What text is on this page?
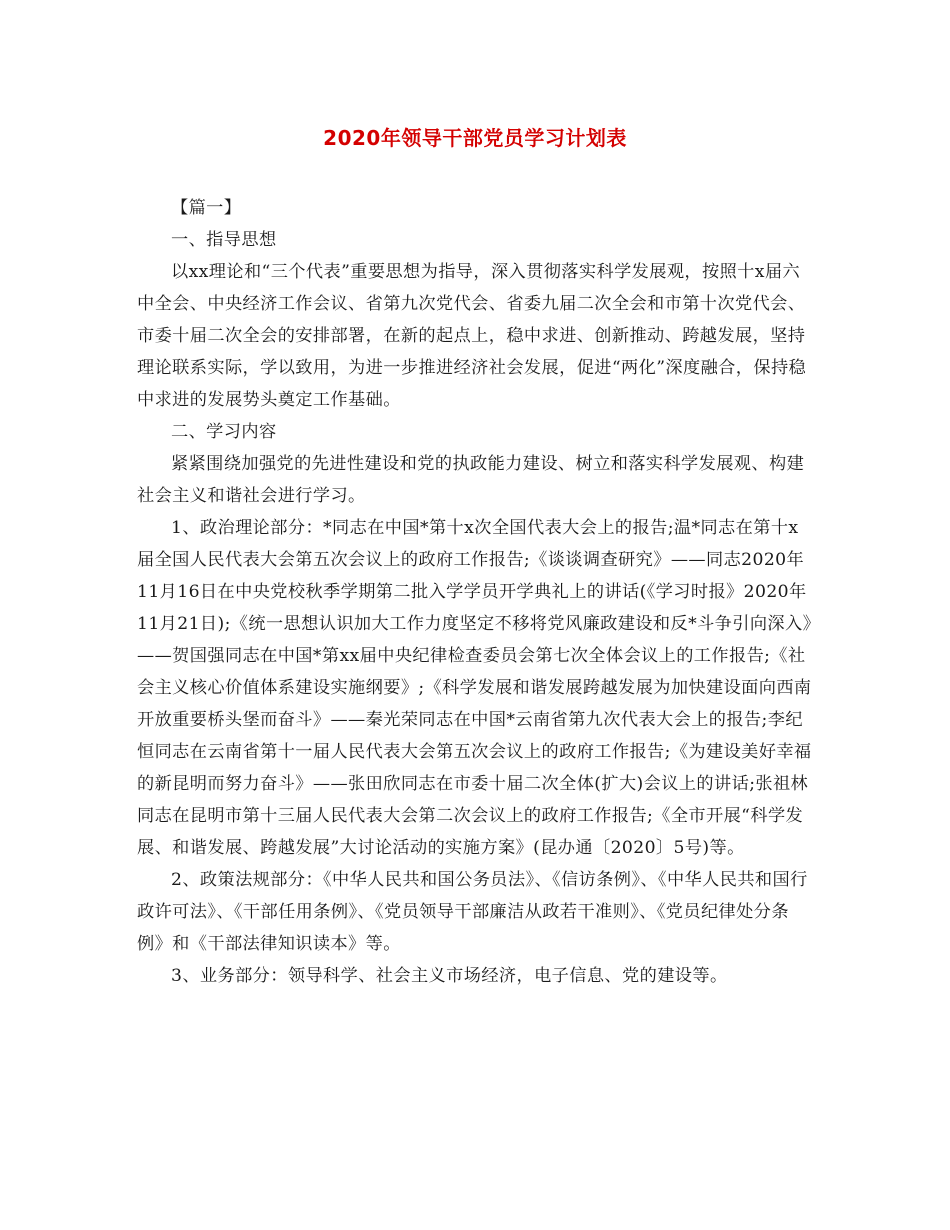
2020年领导干部党员学习计划表

【篇一】

一、指导思想

以xx理论和“三个代表”重要思想为指导，深入贯彻落实科学发展观，按照十x届六中全会、中央经济工作会议、省第九次党代会、省委九届二次全会和市第十次党代会、市委十届二次全会的安排部署，在新的起点上，稳中求进、创新推动、跨越发展，坚持理论联系实际，学以致用，为进一步推进经济社会发展，促进“两化”深度融合，保持稳中求进的发展势头奠定工作基础。

二、学习内容

紧紧围绕加强党的先进性建设和党的执政能力建设、树立和落实科学发展观、构建社会主义和谐社会进行学习。

1、政治理论部分：*同志在中国*第十x次全国代表大会上的报告;温*同志在第十x届全国人民代表大会第五次会议上的政府工作报告;《谈谈调查研究》——同志2020年11月16日在中央党校秋季学期第二批入学学员开学典礼上的讲话(《学习时报》2020年11月21日);《统一思想认识加大工作力度坚定不移将党风廉政建设和反*斗争引向深入》——贺国强同志在中国*第xx届中央纪律检查委员会第七次全体会议上的工作报告;《社会主义核心价值体系建设实施纲要》;《科学发展和谐发展跨越发展为加快建设面向西南开放重要桥头堡而奋斗》——秦光荣同志在中国*云南省第九次代表大会上的报告;李纪恒同志在云南省第十一届人民代表大会第五次会议上的政府工作报告;《为建设美好幸福的新昆明而努力奋斗》——张田欣同志在市委十届二次全体(扩大)会议上的讲话;张祖林同志在昆明市第十三届人民代表大会第二次会议上的政府工作报告;《全市开展“科学发展、和谐发展、跨越发展”大讨论活动的实施方案》(昆办通〔2020〕5号)等。

2、政策法规部分：《中华人民共和国公务员法》、《信访条例》、《中华人民共和国行政许可法》、《干部任用条例》、《党员领导干部廉洁从政若干准则》、《党员纪律处分条例》和《干部法律知识读本》等。

3、业务部分：领导科学、社会主义市场经济，电子信息、党的建设等。
